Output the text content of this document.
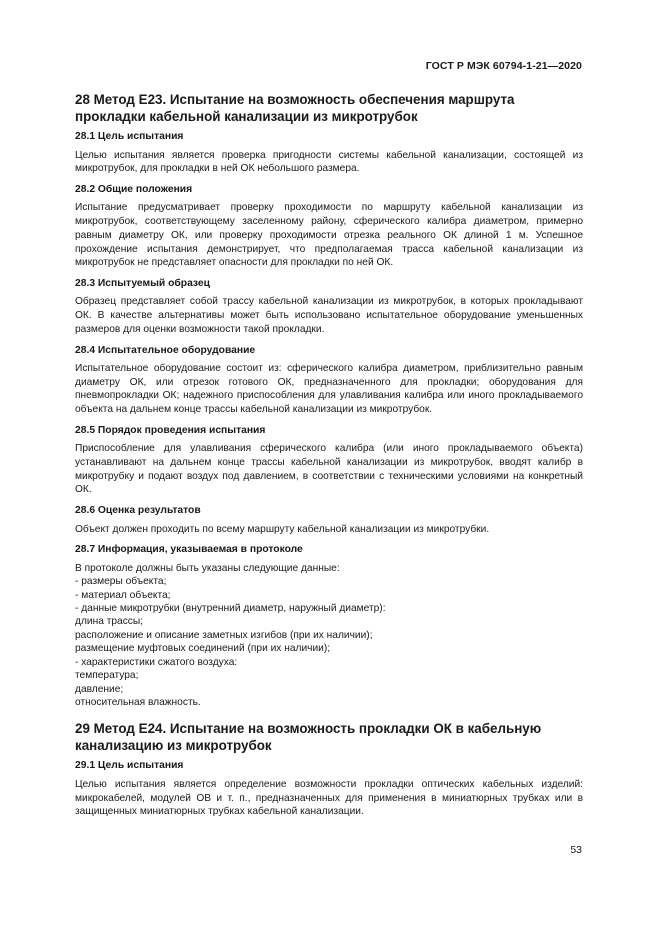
ГОСТ Р МЭК 60794-1-21—2020
28 Метод E23. Испытание на возможность обеспечения маршрута прокладки кабельной канализации из микротрубок
28.1 Цель испытания

Целью испытания является проверка пригодности системы кабельной канализации, состоящей из микротрубок, для прокладки в ней ОК небольшого размера.

28.2 Общие положения

Испытание предусматривает проверку проходимости по маршруту кабельной канализации из микротрубок, соответствующему заселенному району, сферического калибра диаметром, примерно равным диаметру ОК, или проверку проходимости отрезка реального ОК длиной 1 м. Успешное прохождение испытания демонстрирует, что предполагаемая трасса кабельной канализации из микротрубок не представляет опасности для прокладки по ней ОК.

28.3 Испытуемый образец

Образец представляет собой трассу кабельной канализации из микротрубок, в которых прокладывают ОК. В качестве альтернативы может быть использовано испытательное оборудование уменьшенных размеров для оценки возможности такой прокладки.

28.4 Испытательное оборудование

Испытательное оборудование состоит из: сферического калибра диаметром, приблизительно равным диаметру ОК, или отрезок готового ОК, предназначенного для прокладки; оборудования для пневмопрокладки ОК; надежного приспособления для улавливания калибра или иного прокладываемого объекта на дальнем конце трассы кабельной канализации из микротрубок.

28.5 Порядок проведения испытания

Приспособление для улавливания сферического калибра (или иного прокладываемого объекта) устанавливают на дальнем конце трассы кабельной канализации из микротрубок, вводят калибр в микротрубку и подают воздух под давлением, в соответствии с техническими условиями на конкретный ОК.

28.6 Оценка результатов

Объект должен проходить по всему маршруту кабельной канализации из микротрубки.

28.7 Информация, указываемая в протоколе
В протоколе должны быть указаны следующие данные:
- размеры объекта;
- материал объекта;
- данные микротрубки (внутренний диаметр, наружный диаметр):
длина трассы;
расположение и описание заметных изгибов (при их наличии);
размещение муфтовых соединений (при их наличии);
- характеристики сжатого воздуха:
температура;
давление;
относительная влажность.
29 Метод E24. Испытание на возможность прокладки ОК в кабельную канализацию из микротрубок
29.1 Цель испытания

Целью испытания является определение возможности прокладки оптических кабельных изделий: микрокабелей, модулей ОВ и т. п., предназначенных для применения в миниатюрных трубках или в защищенных миниатюрных трубках кабельной канализации.

53
